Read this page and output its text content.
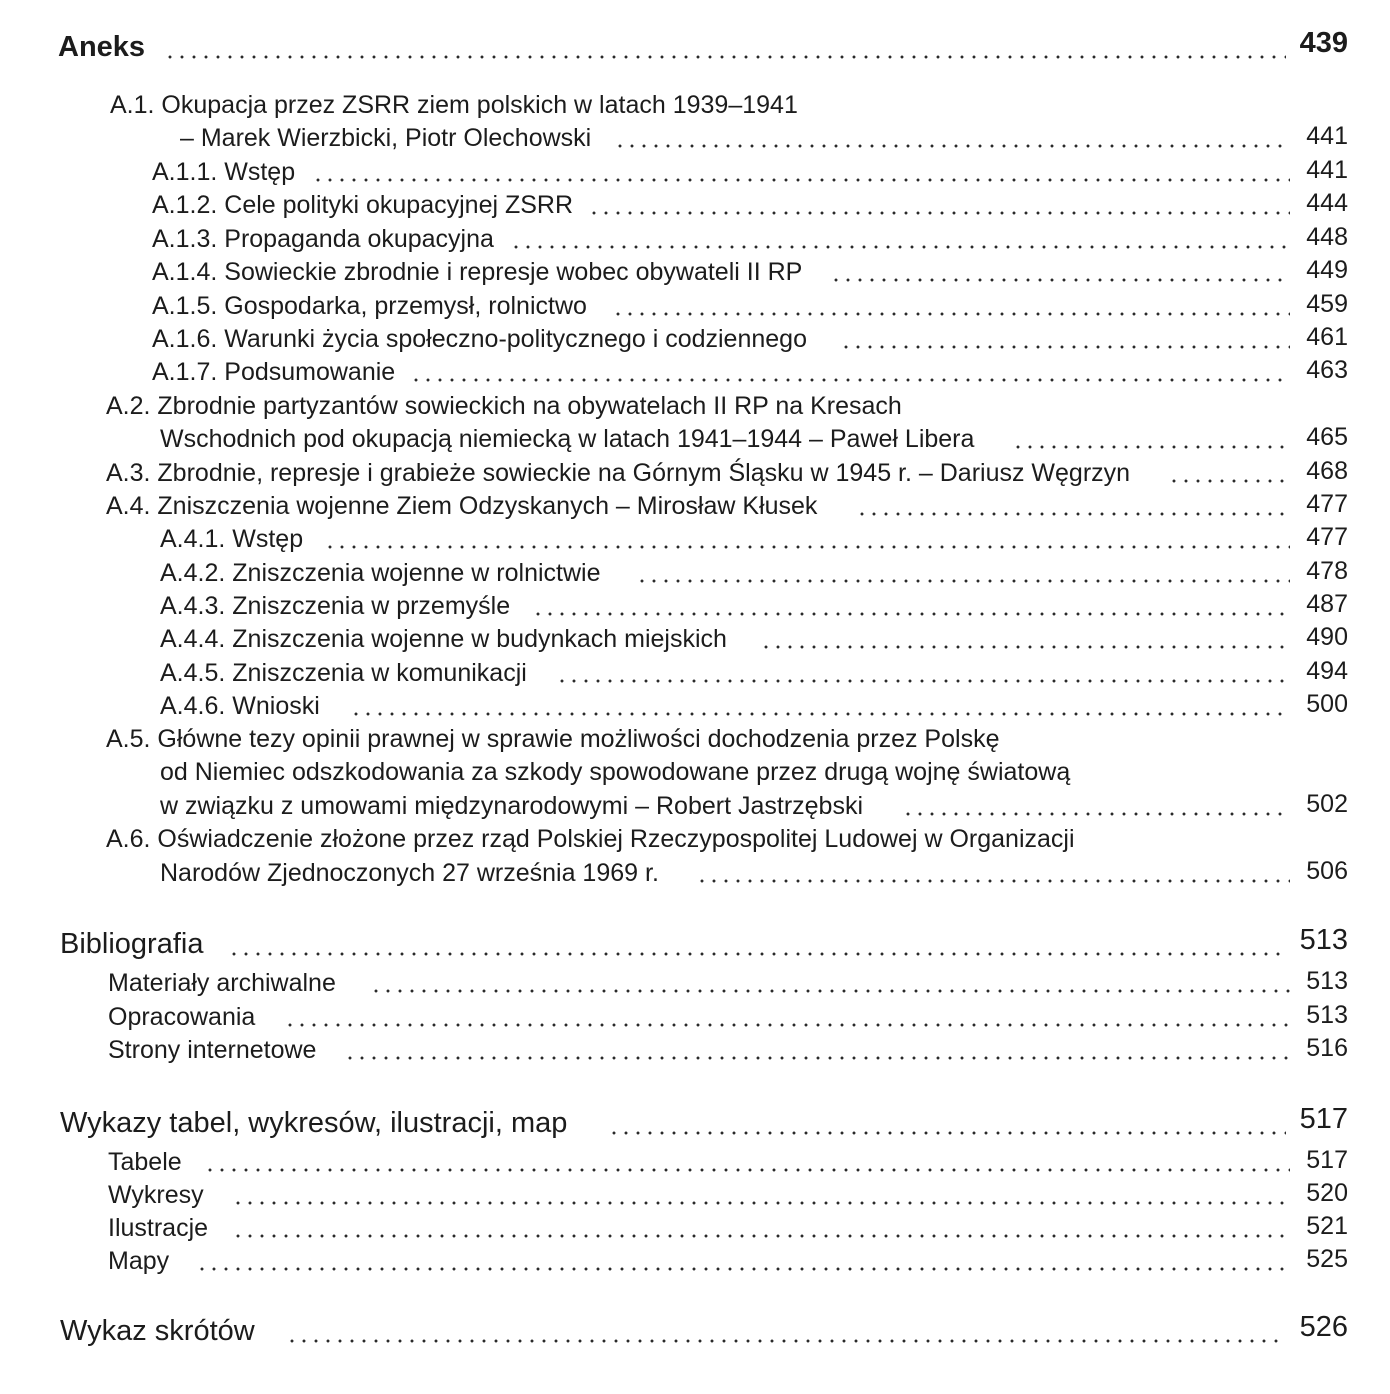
Aneks	439
A.1. Okupacja przez ZSRR ziem polskich w latach 1939–1941
– Marek Wierzbicki, Piotr Olechowski	441
A.1.1. Wstęp	441
A.1.2. Cele polityki okupacyjnej ZSRR	444
A.1.3. Propaganda okupacyjna	448
A.1.4. Sowieckie zbrodnie i represje wobec obywateli II RP	449
A.1.5. Gospodarka, przemysł, rolnictwo	459
A.1.6. Warunki życia społeczno-politycznego i codziennego	461
A.1.7. Podsumowanie	463
A.2. Zbrodnie partyzantów sowieckich na obywatelach II RP na Kresach
Wschodnich pod okupacją niemiecką w latach 1941–1944 – Paweł Libera	465
A.3. Zbrodnie, represje i grabieże sowieckie na Górnym Śląsku w 1945 r. – Dariusz Węgrzyn	468
A.4. Zniszczenia wojenne Ziem Odzyskanych – Mirosław Kłusek	477
A.4.1. Wstęp	477
A.4.2. Zniszczenia wojenne w rolnictwie	478
A.4.3. Zniszczenia w przemyśle	487
A.4.4. Zniszczenia wojenne w budynkach miejskich	490
A.4.5. Zniszczenia w komunikacji	494
A.4.6. Wnioski	500
A.5. Główne tezy opinii prawnej w sprawie możliwości dochodzenia przez Polskę
od Niemiec odszkodowania za szkody spowodowane przez drugą wojnę światową
w związku z umowami międzynarodowymi – Robert Jastrzębski	502
A.6. Oświadczenie złożone przez rząd Polskiej Rzeczypospolitej Ludowej w Organizacji
Narodów Zjednoczonych 27 września 1969 r.	506
Bibliografia	513
Materiały archiwalne	513
Opracowania	513
Strony internetowe	516
Wykazy tabel, wykresów, ilustracji, map	517
Tabele	517
Wykresy	520
Ilustracje	521
Mapy	525
Wykaz skrótów	526
